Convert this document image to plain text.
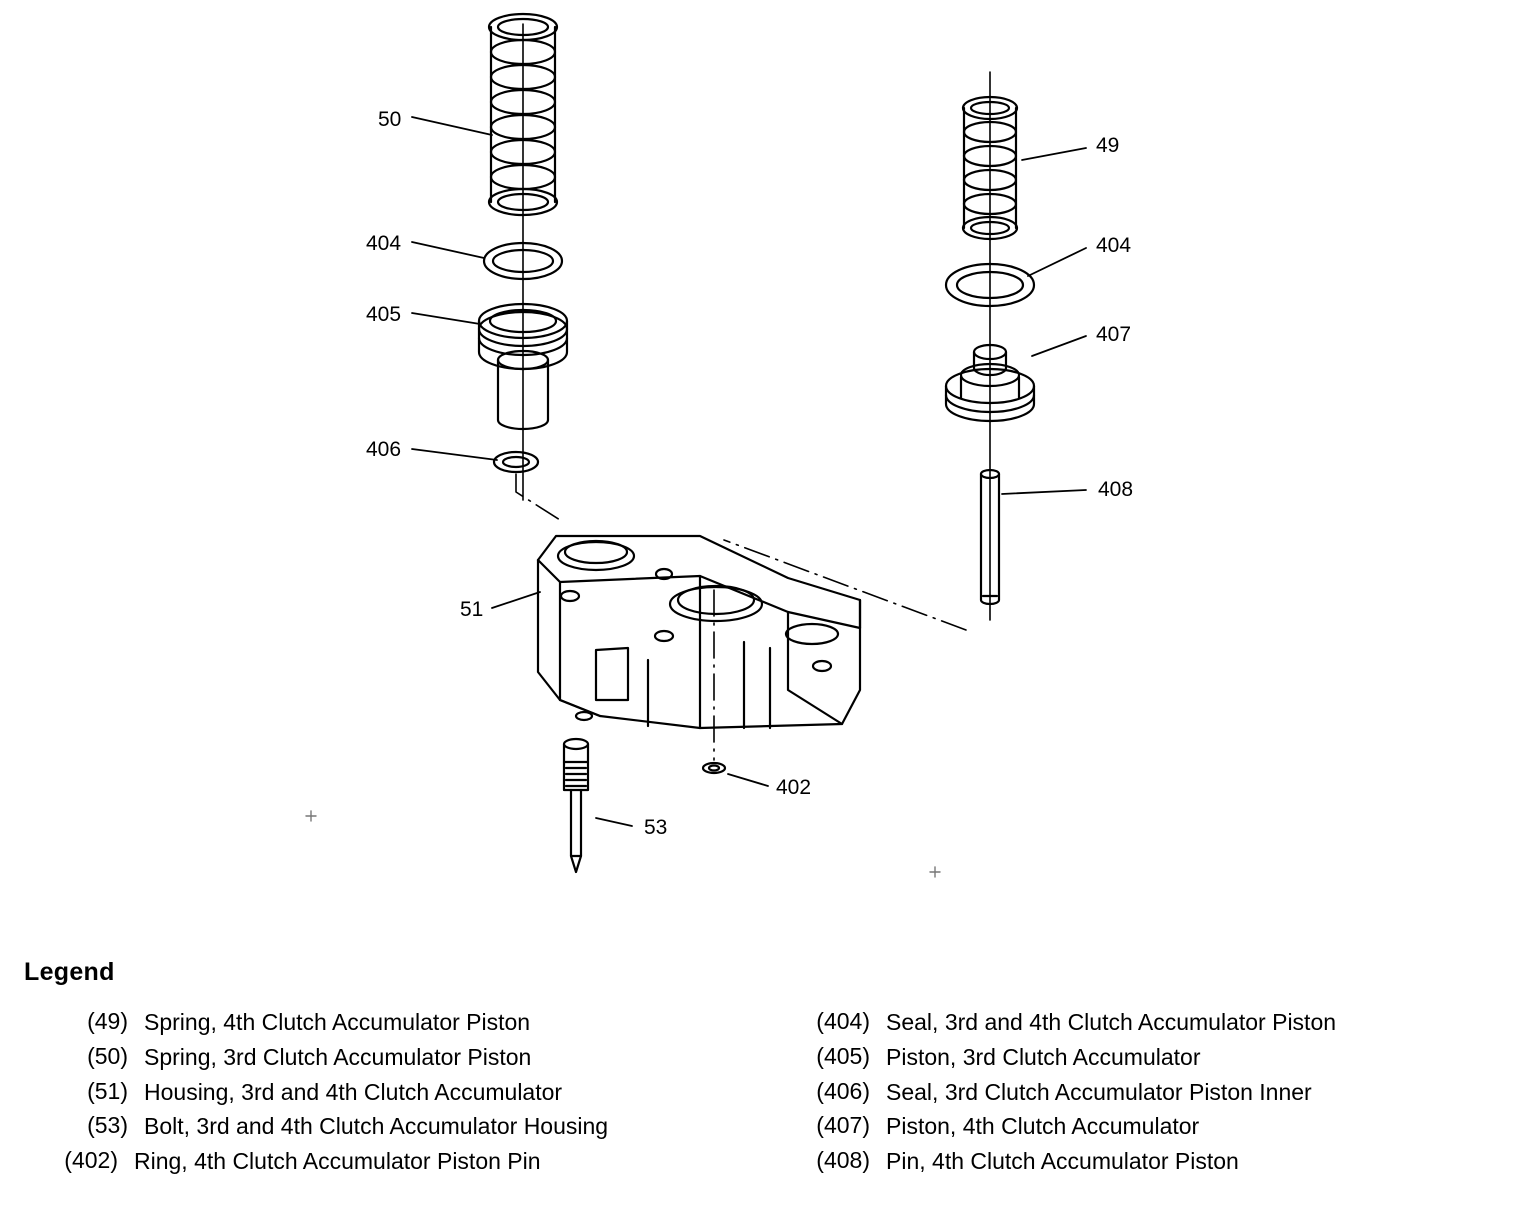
50
404
405
406
51
53
402
49
404
407
408
Legend
(49) Spring, 4th Clutch Accumulator Piston
(50) Spring, 3rd Clutch Accumulator Piston
(51) Housing, 3rd and 4th Clutch Accumulator
(53) Bolt, 3rd and 4th Clutch Accumulator Housing
(402) Ring, 4th Clutch Accumulator Piston Pin
(404) Seal, 3rd and 4th Clutch Accumulator Piston
(405) Piston, 3rd Clutch Accumulator
(406) Seal, 3rd Clutch Accumulator Piston Inner
(407) Piston, 4th Clutch Accumulator
(408) Pin, 4th Clutch Accumulator Piston
